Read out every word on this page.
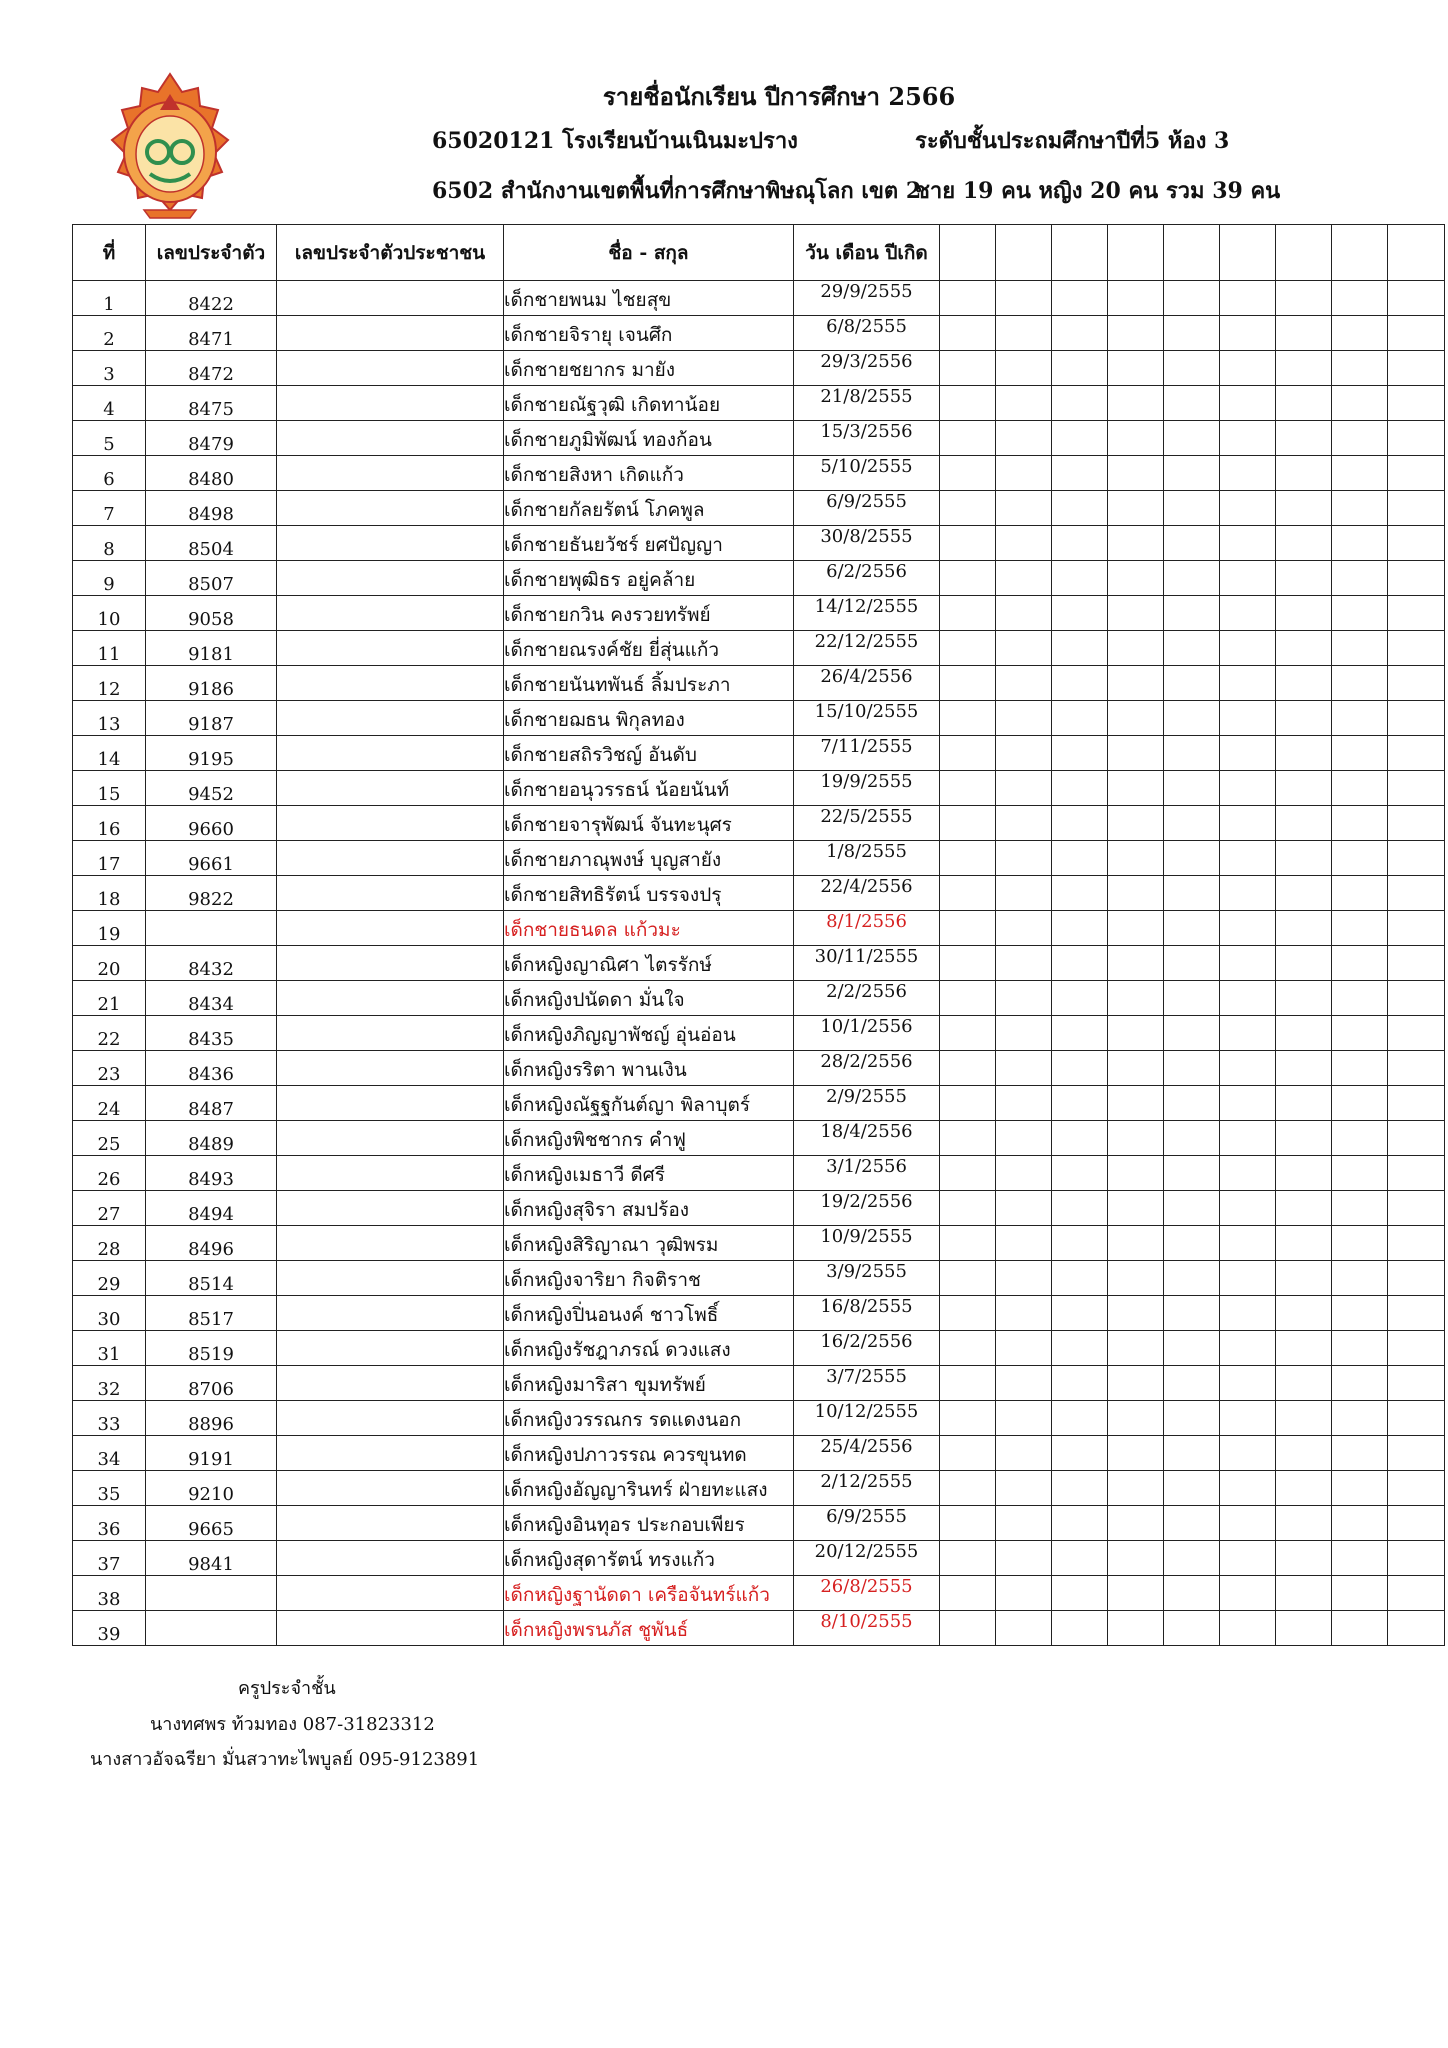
รายชื่อนักเรียน ปีการศึกษา 2566
65020121 โรงเรียนบ้านเนินมะปราง	ระดับชั้นประถมศึกษาปีที่5 ห้อง 3
6502 สำนักงานเขตพื้นที่การศึกษาพิษณุโลก เขต 2
ชาย 19 คน หญิง 20 คน รวม 39 คน
ที่	เลขประจำตัว	เลขประจำตัวประชาชน	ชื่อ - สกุล	วัน เดือน ปีเกิด									
1	8422		เด็กชายพนม ไชยสุข	29/9/2555									
2	8471		เด็กชายจิรายุ เจนศึก	6/8/2555									
3	8472		เด็กชายชยากร มายัง	29/3/2556									
4	8475		เด็กชายณัฐวุฒิ เกิดทาน้อย	21/8/2555									
5	8479		เด็กชายภูมิพัฒน์ ทองก้อน	15/3/2556									
6	8480		เด็กชายสิงหา เกิดแก้ว	5/10/2555									
7	8498		เด็กชายกัลยรัตน์ โภคพูล	6/9/2555									
8	8504		เด็กชายธันยวัชร์ ยศปัญญา	30/8/2555									
9	8507		เด็กชายพุฒิธร อยู่คล้าย	6/2/2556									
10	9058		เด็กชายกวิน คงรวยทรัพย์	14/12/2555									
11	9181		เด็กชายณรงค์ชัย ยี่สุ่นแก้ว	22/12/2555									
12	9186		เด็กชายนันทพันธ์ ลิ้มประภา	26/4/2556									
13	9187		เด็กชายฌธน พิกุลทอง	15/10/2555									
14	9195		เด็กชายสถิรวิชญ์ อันดับ	7/11/2555									
15	9452		เด็กชายอนุวรรธน์ น้อยนันท์	19/9/2555									
16	9660		เด็กชายจารุพัฒน์ จันทะนุศร	22/5/2555									
17	9661		เด็กชายภาณุพงษ์ บุญสายัง	1/8/2555									
18	9822		เด็กชายสิทธิรัตน์ บรรจงปรุ	22/4/2556									
19			เด็กชายธนดล แก้วมะ	8/1/2556									
20	8432		เด็กหญิงญาณิศา ไตรรักษ์	30/11/2555									
21	8434		เด็กหญิงปนัดดา มั่นใจ	2/2/2556									
22	8435		เด็กหญิงภิญญาพัชญ์ อุ่นอ่อน	10/1/2556									
23	8436		เด็กหญิงรริตา พานเงิน	28/2/2556									
24	8487		เด็กหญิงณัฐฐกันต์ญา พิลาบุตร์	2/9/2555									
25	8489		เด็กหญิงพิชชากร คำฟู	18/4/2556									
26	8493		เด็กหญิงเมธาวี ดีศรี	3/1/2556									
27	8494		เด็กหญิงสุจิรา สมปร้อง	19/2/2556									
28	8496		เด็กหญิงสิริญาณา วุฒิพรม	10/9/2555									
29	8514		เด็กหญิงจาริยา กิจติราช	3/9/2555									
30	8517		เด็กหญิงปิ่นอนงค์ ชาวโพธิ์	16/8/2555									
31	8519		เด็กหญิงรัชฎาภรณ์ ดวงแสง	16/2/2556									
32	8706		เด็กหญิงมาริสา ขุมทรัพย์	3/7/2555									
33	8896		เด็กหญิงวรรณกร รดแดงนอก	10/12/2555									
34	9191		เด็กหญิงปภาวรรณ ควรขุนทด	25/4/2556									
35	9210		เด็กหญิงอัญญารินทร์ ฝ่ายทะแสง	2/12/2555									
36	9665		เด็กหญิงอินทุอร ประกอบเพียร	6/9/2555									
37	9841		เด็กหญิงสุดารัตน์ ทรงแก้ว	20/12/2555									
38			เด็กหญิงฐานัดดา เครือจันทร์แก้ว	26/8/2555									
39			เด็กหญิงพรนภัส ชูพันธ์	8/10/2555									
ครูประจำชั้น
นางทศพร ท้วมทอง 087-31823312
นางสาวอัจฉรียา มั่นสวาทะไพบูลย์ 095-9123891
